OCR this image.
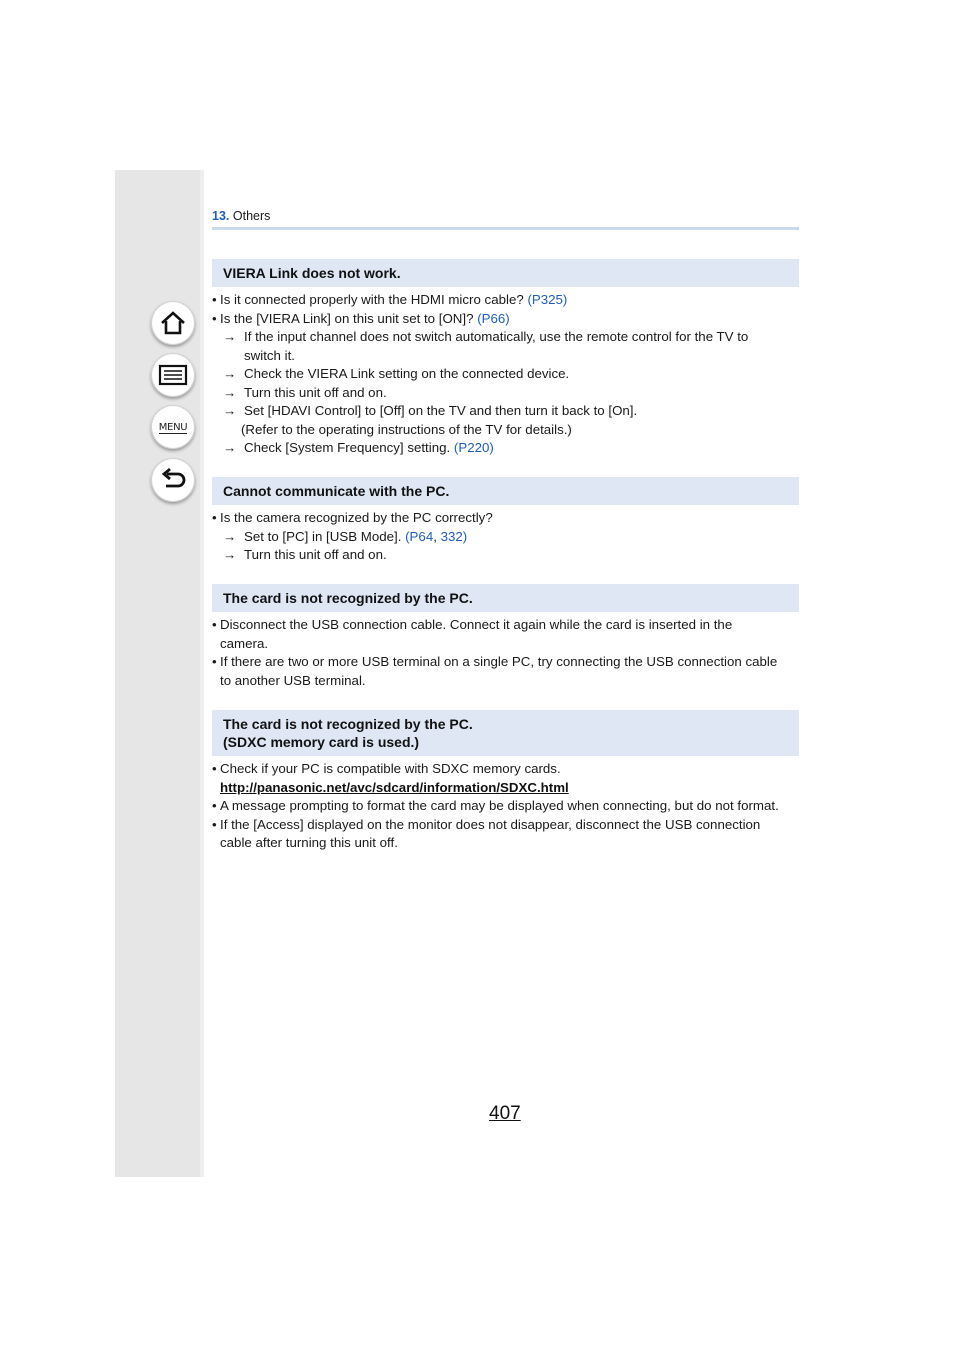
MENU
13. Others
VIERA Link does not work.
• Is it connected properly with the HDMI micro cable? (P325)
• Is the [VIERA Link] on this unit set to [ON]? (P66)
→ If the input channel does not switch automatically, use the remote control for the TV to
switch it.
→ Check the VIERA Link setting on the connected device.
→ Turn this unit off and on.
→ Set [HDAVI Control] to [Off] on the TV and then turn it back to [On].
(Refer to the operating instructions of the TV for details.)
→ Check [System Frequency] setting. (P220)
Cannot communicate with the PC.
• Is the camera recognized by the PC correctly?
→ Set to [PC] in [USB Mode]. (P64, 332)
→ Turn this unit off and on.
The card is not recognized by the PC.
• Disconnect the USB connection cable. Connect it again while the card is inserted in the
camera.
• If there are two or more USB terminal on a single PC, try connecting the USB connection cable
to another USB terminal.
The card is not recognized by the PC.
(SDXC memory card is used.)
• Check if your PC is compatible with SDXC memory cards.
http://panasonic.net/avc/sdcard/information/SDXC.html
• A message prompting to format the card may be displayed when connecting, but do not format.
• If the [Access] displayed on the monitor does not disappear, disconnect the USB connection
cable after turning this unit off.
407
